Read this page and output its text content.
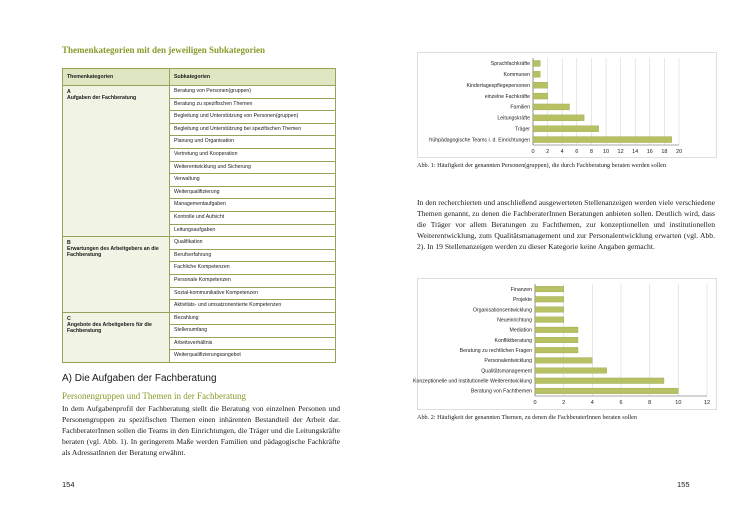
Themenkategorien mit den jeweiligen Subkategorien
Themenkategorien	Subkategorien

A
Aufgaben der Fachberatung	Beratung von Personen(gruppen)
	Beratung zu spezifischen Themen
	Begleitung und Unterstützung von Personen(gruppen)
	Begleitung und Unterstützung bei spezifischen Themen
	Planung und Organisation
	Vertretung und Kooperation
	Weiterentwicklung und Sicherung
	Verwaltung
	Weiterqualifizierung
	Managementaufgaben
	Kontrolle und Aufsicht
	Leitungsaufgaben

B
Erwartungen des Arbeitgebers an die Fachberatung	Qualifikation
	Berufserfahrung
	Fachliche Kompetenzen
	Personale Kompetenzen
	Sozial-kommunikative Kompetenzen
	Aktivitäts- und umsatzorientierte Kompetenzen

C
Angebote des Arbeitgebers für die Fachberatung	Bezahlung
	Stellenumfang
	Arbeitsverhältnis
	Weiterqualifizierungsangebot
A) Die Aufgaben der Fachberatung
Personengruppen und Themen in der Fachberatung
In dem Aufgabenprofil der Fachberatung stellt die Beratung von einzelnen Personen und Personengruppen zu spezifischen Themen einen inhärenten Bestandteil der Arbeit dar. FachberaterInnen sollen die Teams in den Einrichtungen, die Träger und die Leitungskräfte beraten (vgl. Abb. 1). In geringerem Maße werden Familien und pädagogische Fachkräfte als AdressatInnen der Beratung erwähnt.
154
0 2 4 6 8 10 12 14 16 18 20
Sprachfachkräfte
Kommunen
Kindertagespflegepersonen
einzelne Fachkräfte
Familien
Leitungskräfte
Träger
frühpädagogische Teams i. d. Einrichtungen
Abb. 1: Häufigkeit der genannten Personen(gruppen), die durch Fachberatung beraten werden sollen
In den recherchierten und anschließend ausgewerteten Stellenanzeigen werden viele verschiedene Themen genannt, zu denen die FachberaterInnen Beratungen anbieten sollen. Deutlich wird, dass die Träger vor allem Beratungen zu Fachthemen, zur konzeptionellen und institutionellen Weiterentwicklung, zum Qualitätsmanagement und zur Personalentwicklung erwarten (vgl. Abb. 2). In 19 Stellenanzeigen werden zu dieser Kategorie keine Angaben gemacht.
0	2	4	6	8	10	12
Finanzen
Projekte
Organisationsentwicklung
Neueinrichtung
Mediation
Konfliktberatung
Beratung zu rechtlichen Fragen
Personalentwicklung
Qualitätsmanagement
Konzeptionelle und institutionelle Weiterentwicklung
Beratung von Fachthemen
Abb. 2: Häufigkeit der genannten Themen, zu denen die FachberaterInnen beraten sollen
155
